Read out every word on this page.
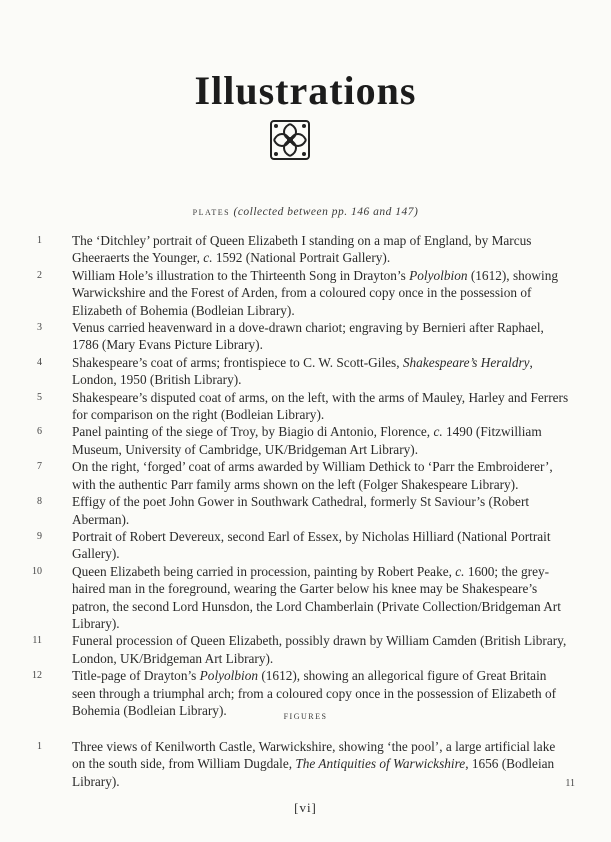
Illustrations
plates (collected between pp. 146 and 147)
1 The ‘Ditchley’ portrait of Queen Elizabeth I standing on a map of England, by Marcus Gheeraerts the Younger, c. 1592 (National Portrait Gallery).
2 William Hole’s illustration to the Thirteenth Song in Drayton’s Polyolbion (1612), showing Warwickshire and the Forest of Arden, from a coloured copy once in the possession of Elizabeth of Bohemia (Bodleian Library).
3 Venus carried heavenward in a dove-drawn chariot; engraving by Bernieri after Raphael, 1786 (Mary Evans Picture Library).
4 Shakespeare’s coat of arms; frontispiece to C. W. Scott-Giles, Shakespeare’s Heraldry, London, 1950 (British Library).
5 Shakespeare’s disputed coat of arms, on the left, with the arms of Mauley, Harley and Ferrers for comparison on the right (Bodleian Library).
6 Panel painting of the siege of Troy, by Biagio di Antonio, Florence, c. 1490 (Fitzwilliam Museum, University of Cambridge, UK/Bridgeman Art Library).
7 On the right, ‘forged’ coat of arms awarded by William Dethick to ‘Parr the Embroiderer’, with the authentic Parr family arms shown on the left (Folger Shakespeare Library).
8 Effigy of the poet John Gower in Southwark Cathedral, formerly St Saviour’s (Robert Aberman).
9 Portrait of Robert Devereux, second Earl of Essex, by Nicholas Hilliard (National Portrait Gallery).
10 Queen Elizabeth being carried in procession, painting by Robert Peake, c. 1600; the grey-haired man in the foreground, wearing the Garter below his knee may be Shakespeare’s patron, the second Lord Hunsdon, the Lord Chamberlain (Private Collection/Bridgeman Art Library).
11 Funeral procession of Queen Elizabeth, possibly drawn by William Camden (British Library, London, UK/Bridgeman Art Library).
12 Title-page of Drayton’s Polyolbion (1612), showing an allegorical figure of Great Britain seen through a triumphal arch; from a coloured copy once in the possession of Elizabeth of Bohemia (Bodleian Library).	figures
1 Three views of Kenilworth Castle, Warwickshire, showing ‘the pool’, a large artificial lake on the south side, from William Dugdale, The Antiquities of Warwickshire, 1656 (Bodleian Library).	11
[vi]
